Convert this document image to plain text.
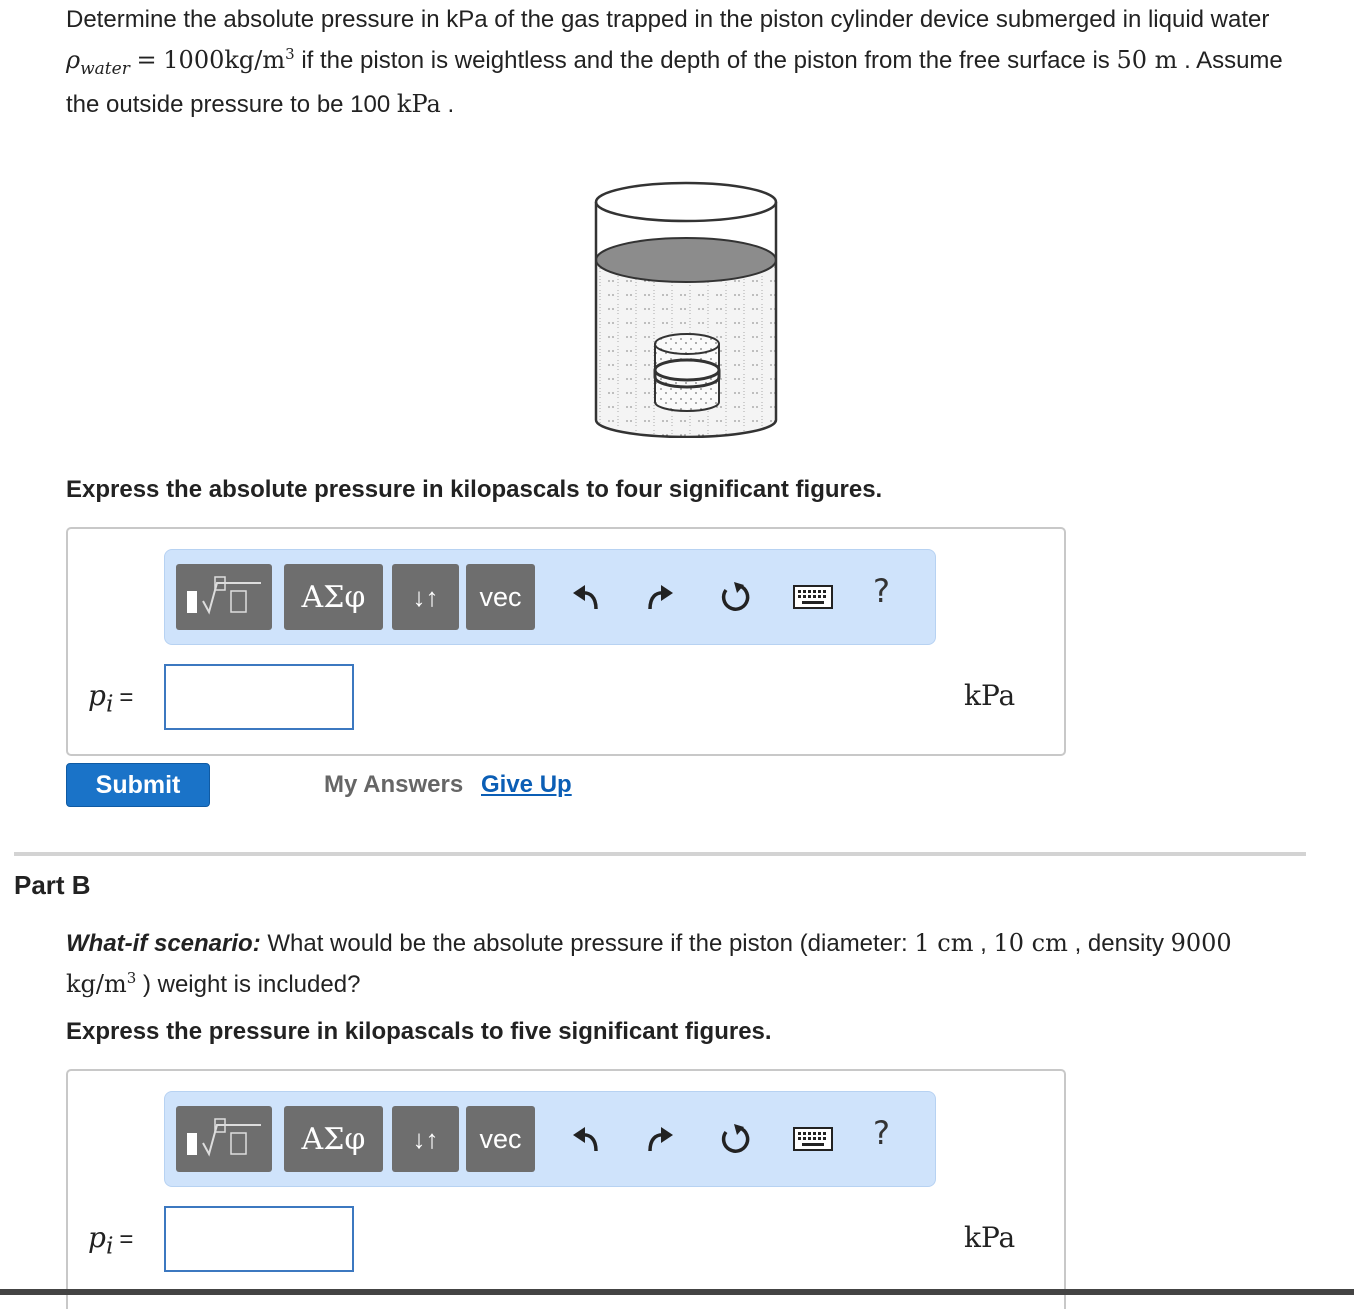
Determine the absolute pressure in kPa of the gas trapped in the piston cylinder device submerged in liquid water $\rho_{water} = 1000kg/m^3$ if the piston is weightless and the depth of the piston from the free surface is 50 m . Assume the outside pressure to be 100 kPa .

Express the absolute pressure in kilopascals to four significant figures.

ΑΣφ ↓↑ vec	?
$p_i$ =	kPa
Submit	My Answers Give Up
Part B

What-if scenario: What would be the absolute pressure if the piston (diameter: 1 cm , 10 cm , density 9000 $kg/m^3$ ) weight is included?

Express the pressure in kilopascals to five significant figures.

ΑΣφ ↓↑ vec	?
$p_i$ =	kPa
